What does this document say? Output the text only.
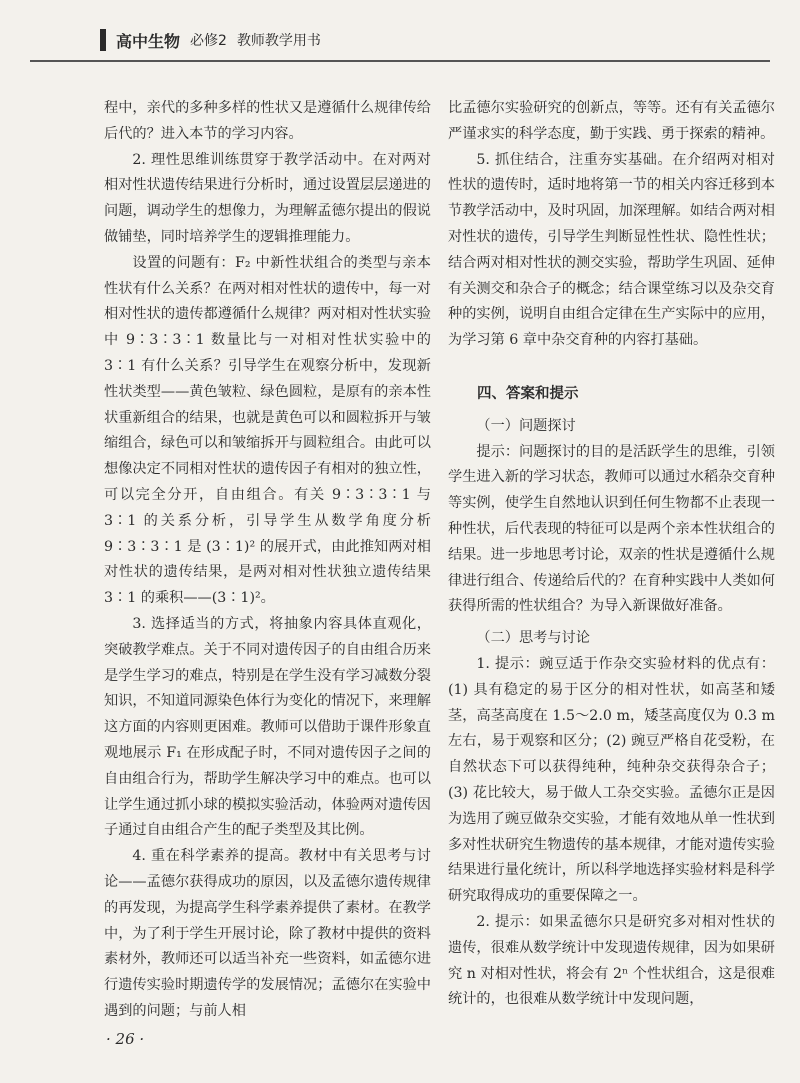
高中生物 必修2 教师教学用书

程中，亲代的多种多样的性状又是遵循什么规律传给后代的？进入本节的学习内容。

2. 理性思维训练贯穿于教学活动中。在对两对相对性状遗传结果进行分析时，通过设置层层递进的问题，调动学生的想像力，为理解孟德尔提出的假说做铺垫，同时培养学生的逻辑推理能力。

设置的问题有：F₂ 中新性状组合的类型与亲本性状有什么关系？在两对相对性状的遗传中，每一对相对性状的遗传都遵循什么规律？两对相对性状实验中 9∶3∶3∶1 数量比与一对相对性状实验中的 3∶1 有什么关系？引导学生在观察分析中，发现新性状类型——黄色皱粒、绿色圆粒，是原有的亲本性状重新组合的结果，也就是黄色可以和圆粒拆开与皱缩组合，绿色可以和皱缩拆开与圆粒组合。由此可以想像决定不同相对性状的遗传因子有相对的独立性，可以完全分开，自由组合。有关 9∶3∶3∶1 与 3∶1 的关系分析，引导学生从数学角度分析 9∶3∶3∶1 是 (3∶1)² 的展开式，由此推知两对相对性状的遗传结果，是两对相对性状独立遗传结果 3∶1 的乘积——(3∶1)²。

3. 选择适当的方式，将抽象内容具体直观化，突破教学难点。关于不同对遗传因子的自由组合历来是学生学习的难点，特别是在学生没有学习减数分裂知识，不知道同源染色体行为变化的情况下，来理解这方面的内容则更困难。教师可以借助于课件形象直观地展示 F₁ 在形成配子时，不同对遗传因子之间的自由组合行为，帮助学生解决学习中的难点。也可以让学生通过抓小球的模拟实验活动，体验两对遗传因子通过自由组合产生的配子类型及其比例。

4. 重在科学素养的提高。教材中有关思考与讨论——孟德尔获得成功的原因，以及孟德尔遗传规律的再发现，为提高学生科学素养提供了素材。在教学中，为了利于学生开展讨论，除了教材中提供的资料素材外，教师还可以适当补充一些资料，如孟德尔进行遗传实验时期遗传学的发展情况；孟德尔在实验中遇到的问题；与前人相

比孟德尔实验研究的创新点，等等。还有有关孟德尔严谨求实的科学态度，勤于实践、勇于探索的精神。

5. 抓住结合，注重夯实基础。在介绍两对相对性状的遗传时，适时地将第一节的相关内容迁移到本节教学活动中，及时巩固，加深理解。如结合两对相对性状的遗传，引导学生判断显性性状、隐性性状；结合两对相对性状的测交实验，帮助学生巩固、延伸有关测交和杂合子的概念；结合课堂练习以及杂交育种的实例，说明自由组合定律在生产实际中的应用，为学习第 6 章中杂交育种的内容打基础。

四、答案和提示

（一）问题探讨

提示：问题探讨的目的是活跃学生的思维，引领学生进入新的学习状态，教师可以通过水稻杂交育种等实例，使学生自然地认识到任何生物都不止表现一种性状，后代表现的特征可以是两个亲本性状组合的结果。进一步地思考讨论，双亲的性状是遵循什么规律进行组合、传递给后代的？在育种实践中人类如何获得所需的性状组合？为导入新课做好准备。

（二）思考与讨论

1. 提示：豌豆适于作杂交实验材料的优点有：(1) 具有稳定的易于区分的相对性状，如高茎和矮茎，高茎高度在 1.5～2.0 m，矮茎高度仅为 0.3 m 左右，易于观察和区分；(2) 豌豆严格自花受粉，在自然状态下可以获得纯种，纯种杂交获得杂合子；(3) 花比较大，易于做人工杂交实验。孟德尔正是因为选用了豌豆做杂交实验，才能有效地从单一性状到多对性状研究生物遗传的基本规律，才能对遗传实验结果进行量化统计，所以科学地选择实验材料是科学研究取得成功的重要保障之一。

2. 提示：如果孟德尔只是研究多对相对性状的遗传，很难从数学统计中发现遗传规律，因为如果研究 n 对相对性状，将会有 2ⁿ 个性状组合，这是很难统计的，也很难从数学统计中发现问题，

· 26 ·
